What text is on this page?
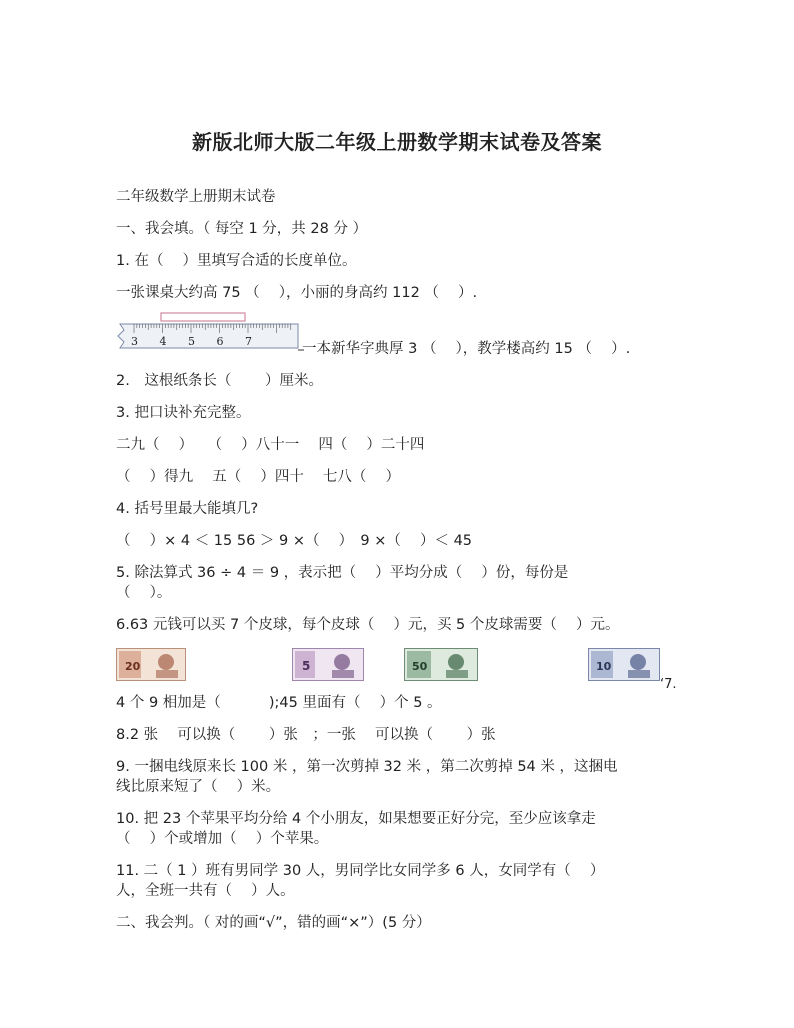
新版北师大版二年级上册数学期末试卷及答案
二年级数学上册期末试卷
一、我会填。（ 每空 1 分，共 28 分 ）
1. 在（　 ）里填写合适的长度单位。
一张课桌大约高 75 （　 ），小丽的身高约 112 （　 ）.
3 4 5 6 7	一本新华字典厚 3 （　 ），教学楼高约 15 （　 ）.
2.　这根纸条长（　　 ）厘米。
3. 把口诀补充完整。
二九（　 ）　　（　 ）八十一　 四（　 ）二十四
（　 ）得九　 五（　 ）四十　 七八（　 ）
4. 括号里最大能填几?
（　 ）× 4 ＜ 15 56 ＞ 9 ×（　 ）　9 ×（　 ）＜ 45
5. 除法算式 36 ÷ 4 ＝ 9 ，表示把（　 ）平均分成（　 ）份，每份是
（　 ）。
6.63 元钱可以买 7 个皮球，每个皮球（　 ）元，买 5 个皮球需要（　 ）元。
20	5	50	10
‘7.
4 个 9 相加是（　　　 );45 里面有（　 ）个 5 。
8.2 张　 可以换（　　 ）张　；一张　 可以换（　　 ）张
9. 一捆电线原来长 100 米 ，第一次剪掉 32 米 ，第二次剪掉 54 米 ，这捆电
线比原来短了（　 ）米。
10. 把 23 个苹果平均分给 4 个小朋友，如果想要正好分完，至少应该拿走
（　 ）个或增加（　 ）个苹果。
11. 二（ 1 ）班有男同学 30 人，男同学比女同学多 6 人，女同学有（　 ）
人，全班一共有（　 ）人。
二、我会判。（ 对的画“√”，错的画“×”）(5 分）
